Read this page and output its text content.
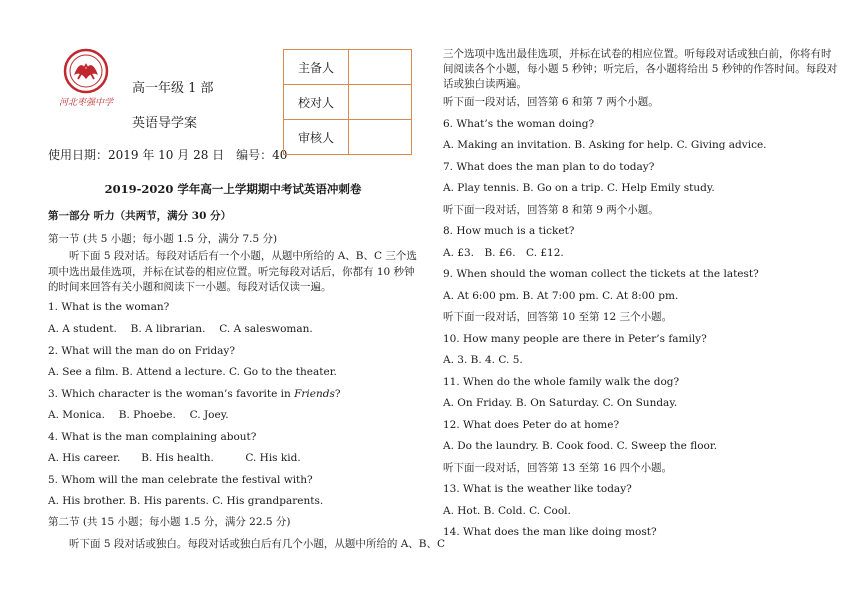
河北枣强中学
高一年级 1 部
英语导学案
使用日期：2019 年 10 月 28 日　编号：40
主备人	
校对人	
审核人	
2019-2020 学年高一上学期期中考试英语冲刺卷
第一部分 听力（共两节，满分 30 分）
第一节 (共 5 小题；每小题 1.5 分，满分 7.5 分)
听下面 5 段对话。每段对话后有一个小题，从题中所给的 A、B、C 三个选项中选出最佳选项，并标在试卷的相应位置。听完每段对话后，你都有 10 秒钟的时间来回答有关小题和阅读下一小题。每段对话仅读一遍。
1. What is the woman?
A. A student.　 B. A librarian.　 C. A saleswoman.
2. What will the man do on Friday?
A. See a film. B. Attend a lecture. C. Go to the theater.
3. Which character is the woman’s favorite in Friends?
A. Monica.　 B. Phoebe.　 C. Joey.
4. What is the man complaining about?
A. His career.　　B. His health.　　　C. His kid.
5. Whom will the man celebrate the festival with?
A. His brother. B. His parents. C. His grandparents.
第二节 (共 15 小题；每小题 1.5 分，满分 22.5 分)
听下面 5 段对话或独白。每段对话或独白后有几个小题，从题中所给的 A、B、C
三个选项中选出最佳选项，并标在试卷的相应位置。听每段对话或独白前，你将有时
间阅读各个小题，每小题 5 秒钟；听完后，各小题将给出 5 秒钟的作答时间。每段对
话或独白读两遍。
听下面一段对话，回答第 6 和第 7 两个小题。
6. What’s the woman doing?
A. Making an invitation. B. Asking for help. C. Giving advice.
7. What does the man plan to do today?
A. Play tennis. B. Go on a trip. C. Help Emily study.
听下面一段对话，回答第 8 和第 9 两个小题。
8. How much is a ticket?
A. £3.　B. £6.　C. £12.
9. When should the woman collect the tickets at the latest?
A. At 6:00 pm. B. At 7:00 pm. C. At 8:00 pm.
听下面一段对话，回答第 10 至第 12 三个小题。
10. How many people are there in Peter’s family?
A. 3. B. 4. C. 5.
11. When do the whole family walk the dog?
A. On Friday. B. On Saturday. C. On Sunday.
12. What does Peter do at home?
A. Do the laundry. B. Cook food. C. Sweep the floor.
听下面一段对话，回答第 13 至第 16 四个小题。
13. What is the weather like today?
A. Hot. B. Cold. C. Cool.
14. What does the man like doing most?
